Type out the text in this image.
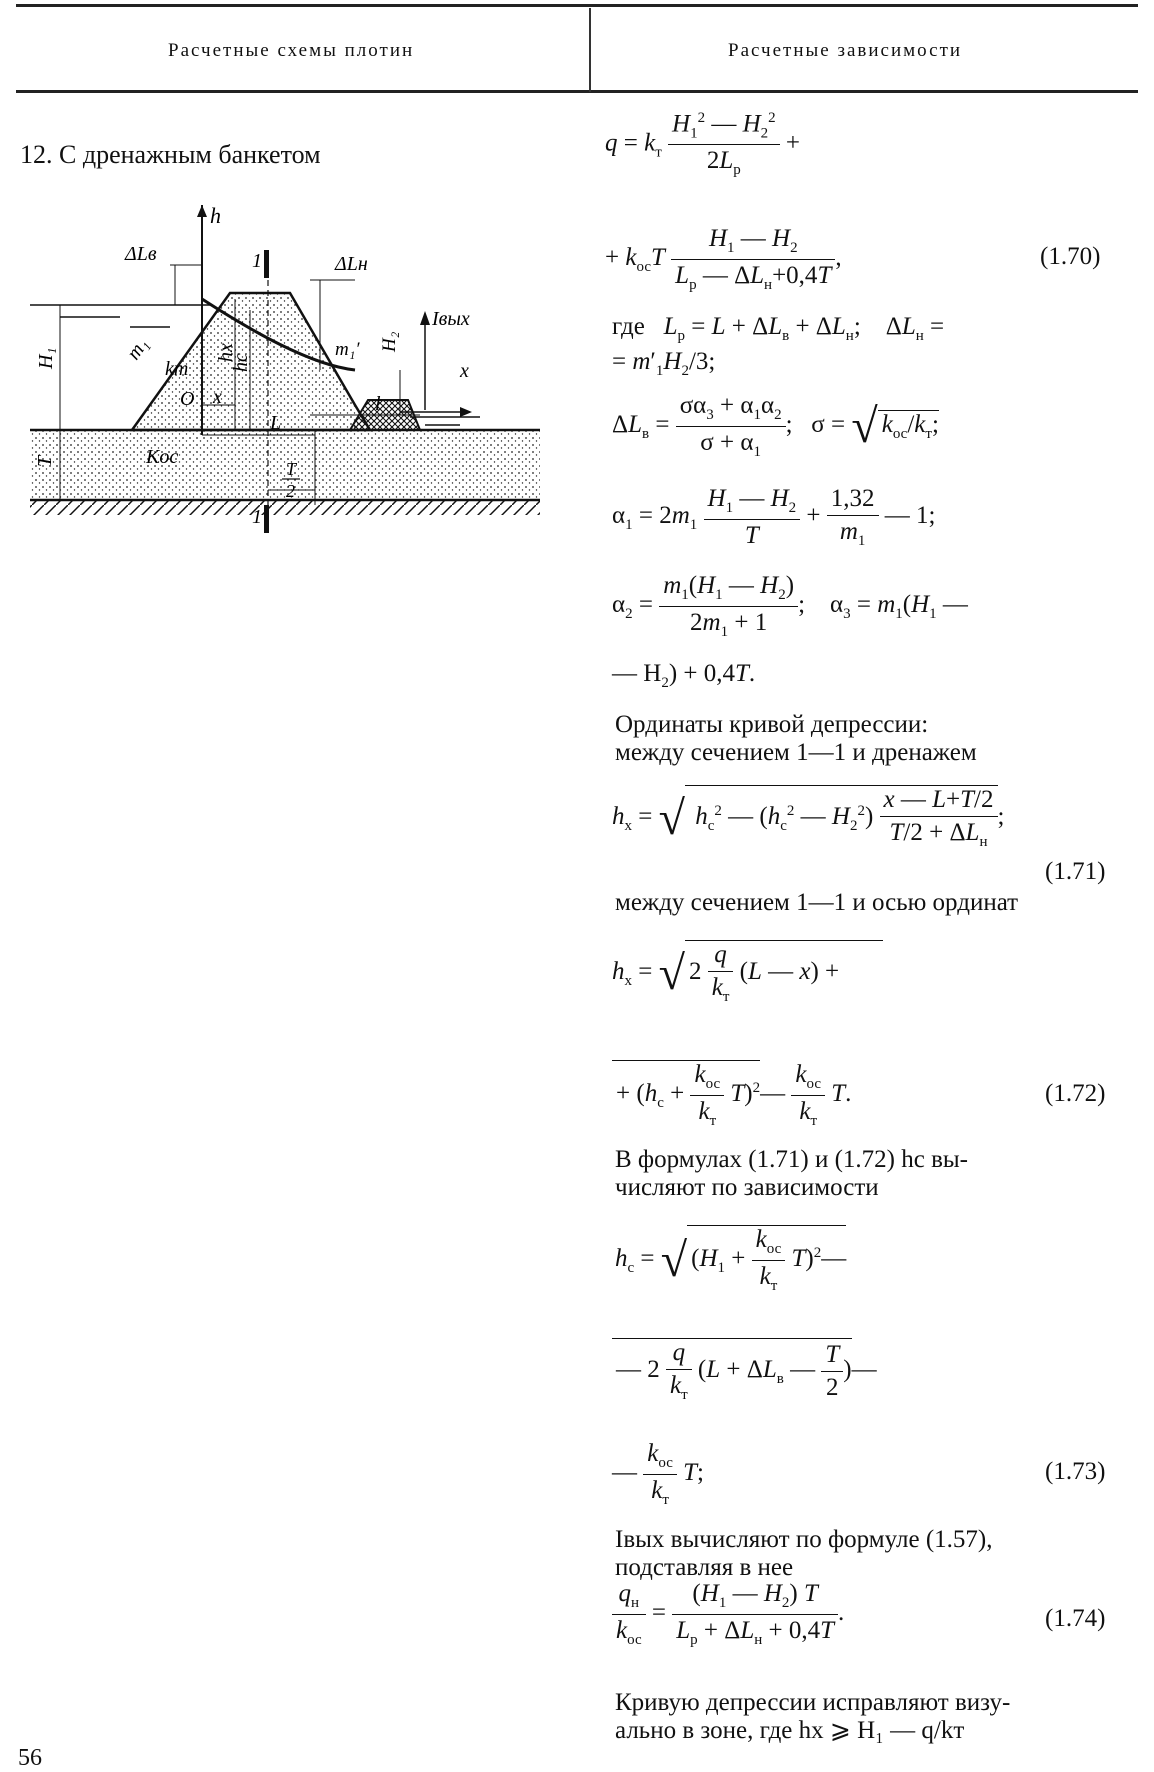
Расчетные схемы плотин	Расчетные зависимости
12. С дренажным банкетом
h
ΔLв	ΔLн
1
1
H₁
T
m₁
kт
hx
hc
m₁′ H₂
Iвых
x
O x
L
l
Kос
T
2
$q = k_т \frac{H_1^2 — H_2^2}{2L_р}$ +
+ $k_{ос}T \frac{H_1 — H_2}{L_р — \Delta L_н+0,4T}$ ,	(1.70)
где $L_р = L + \Delta L_в + \Delta L_н$;    $\Delta L_н$ =
= $m'_1H_2/3$;
$\Delta L_в = \frac{\sigma\alpha_3 + \alpha_1\alpha_2}{\sigma + \alpha_1}$ ;   σ = √ $k_{ос}/k_т$;
$\alpha_1 = 2m_1 \frac{H_1 — H_2}{T} + \frac{1,32}{m_1}$ — 1;
$\alpha_2 = \frac{m_1(H_1 — H_2)}{2m_1 + 1}$ ;    $\alpha_3 = m_1(H_1$ —
— $H_2) + 0,4T$.
Ординаты кривой депрессии:
между сечением 1—1 и дренажем
$h_x$ = √ $h_с^2$ — ($h_с^2$ — $H_2^2) \frac{x — L+T/2}{T/2 + \Delta L_н}$ ;
(1.71)
между сечением 1—1 и осью ординат
$h_x = √2 \frac{q}{k_т} (L$ — x) +
+ ($h_с + \frac{k_{ос}}{k_т}$ $T)^2— \frac{k_{ос}}{k_т} T$.	(1.72)
В формулах (1.71) и (1.72) hс вы-
числяют по зависимости
$h_с$ = √ ($H_1 + \frac{k_{ос}}{k_т}$ $T)^2—$
— $2 \frac{q}{k_т} (L + \Delta L_в$ — $\frac{T}{2}$ )—
— $\frac{k_{ос}}{k_т} T$;	(1.73)
Iвых вычисляют по формуле (1.57),
подставляя в нее
$\frac{q_н}{k_{ос}} = \frac{(H_1 — H_2) T}{L_р + \Delta L_н + 0,4T}$ .	(1.74)
Кривую депрессии исправляют визу-
ально в зоне, где hx ⩾ H₁ — q/kт
56
